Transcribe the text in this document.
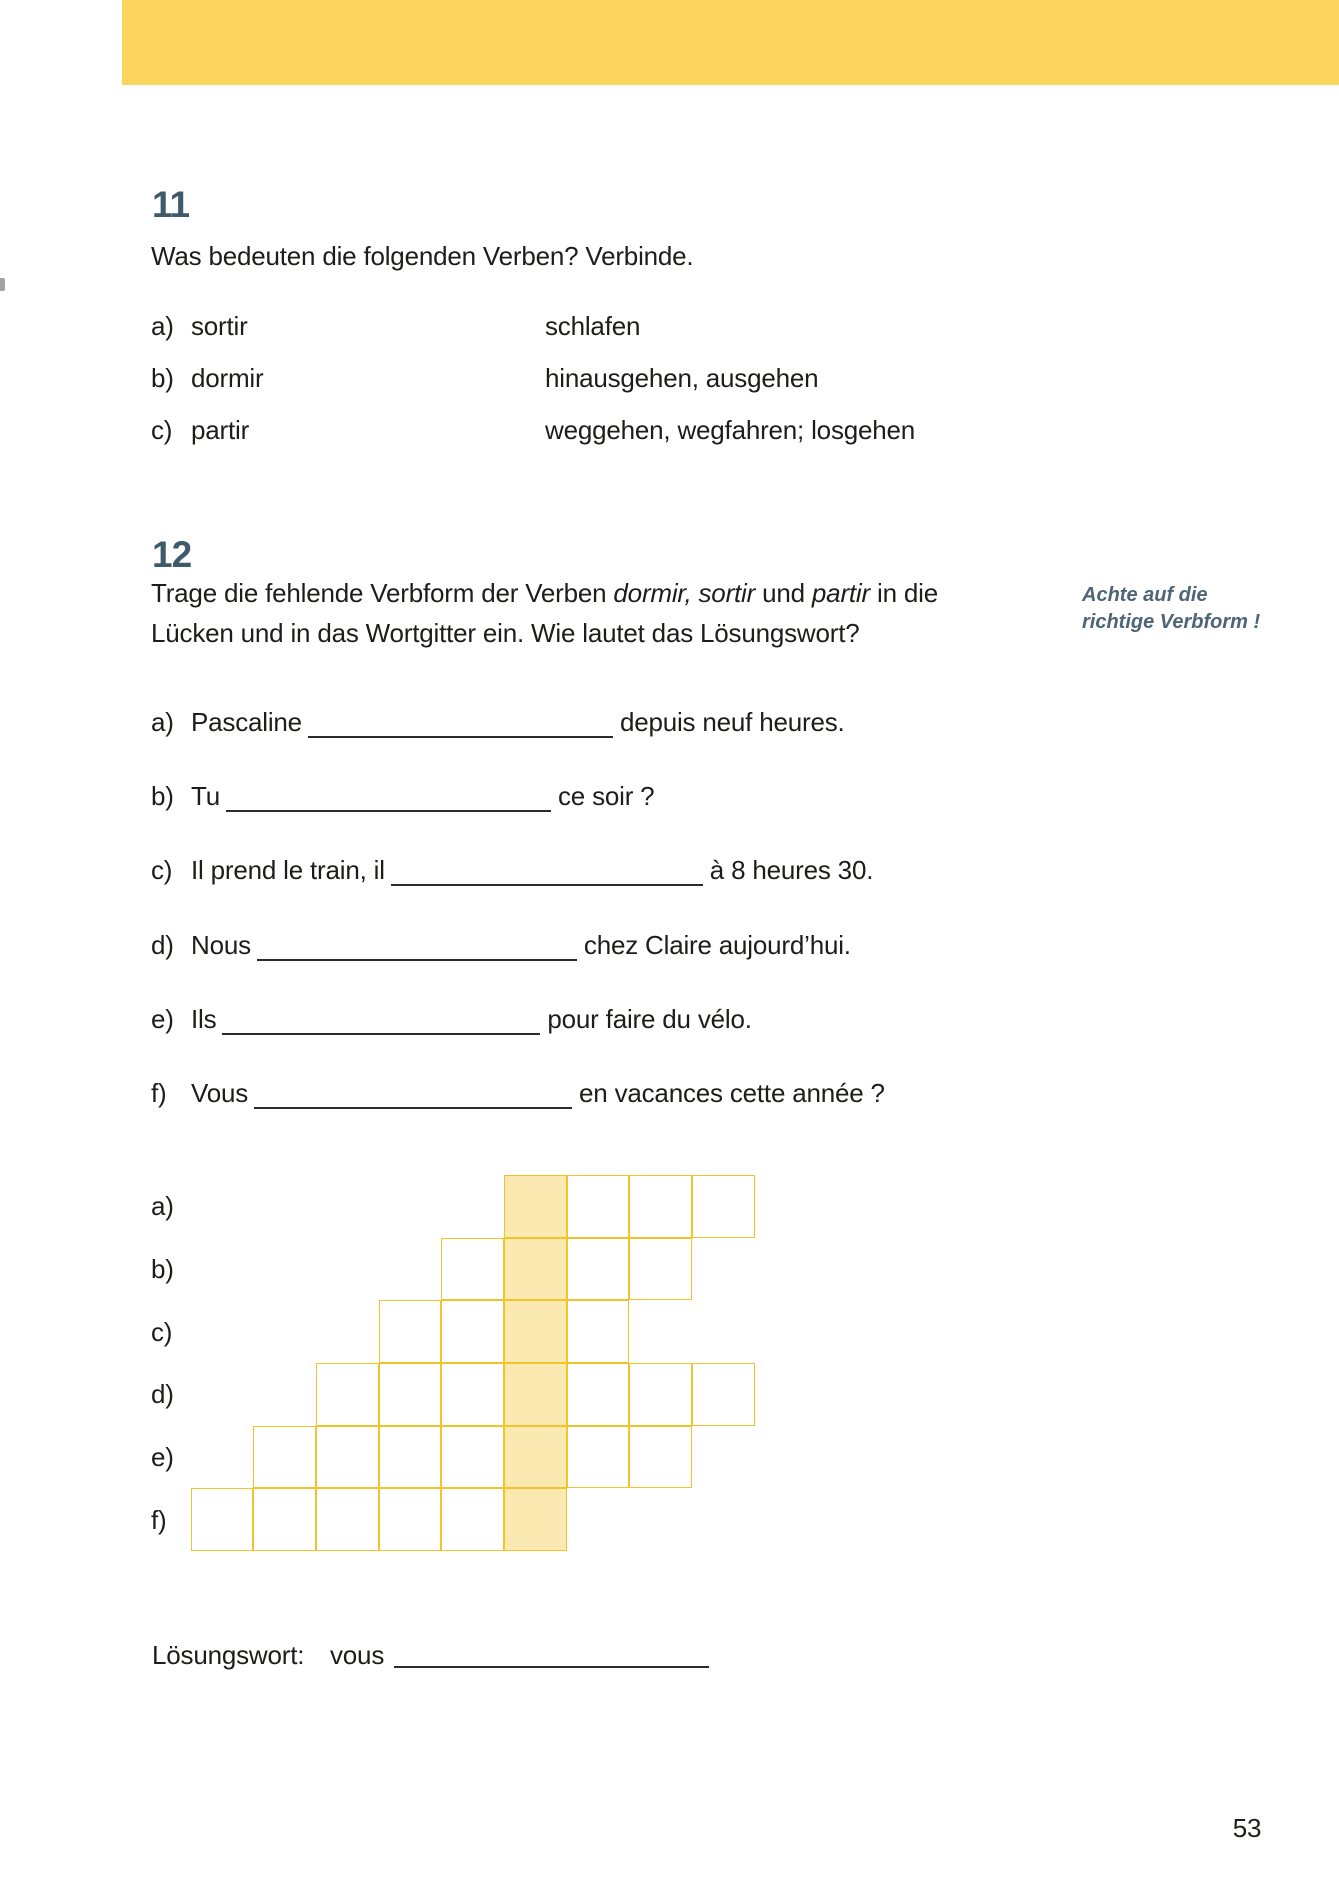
11
Was bedeuten die folgenden Verben? Verbinde.
a) sortir	schlafen
b) dormir	hinausgehen, ausgehen
c) partir	weggehen, wegfahren; losgehen
12
Trage die fehlende Verbform der Verben dormir, sortir und partir in die
Lücken und in das Wortgitter ein. Wie lautet das Lösungswort?
Achte auf die
richtige Verbform !
a) Pascaline	depuis neuf heures.
b) Tu	ce soir ?
c) Il prend le train, il	à 8 heures 30.
d) Nous	chez Claire aujourd’hui.
e) Ils	pour faire du vélo.
f) Vous	en vacances cette année ?
Lösungswort: vous
53
a)
b)
c)
d)
e)
f)
